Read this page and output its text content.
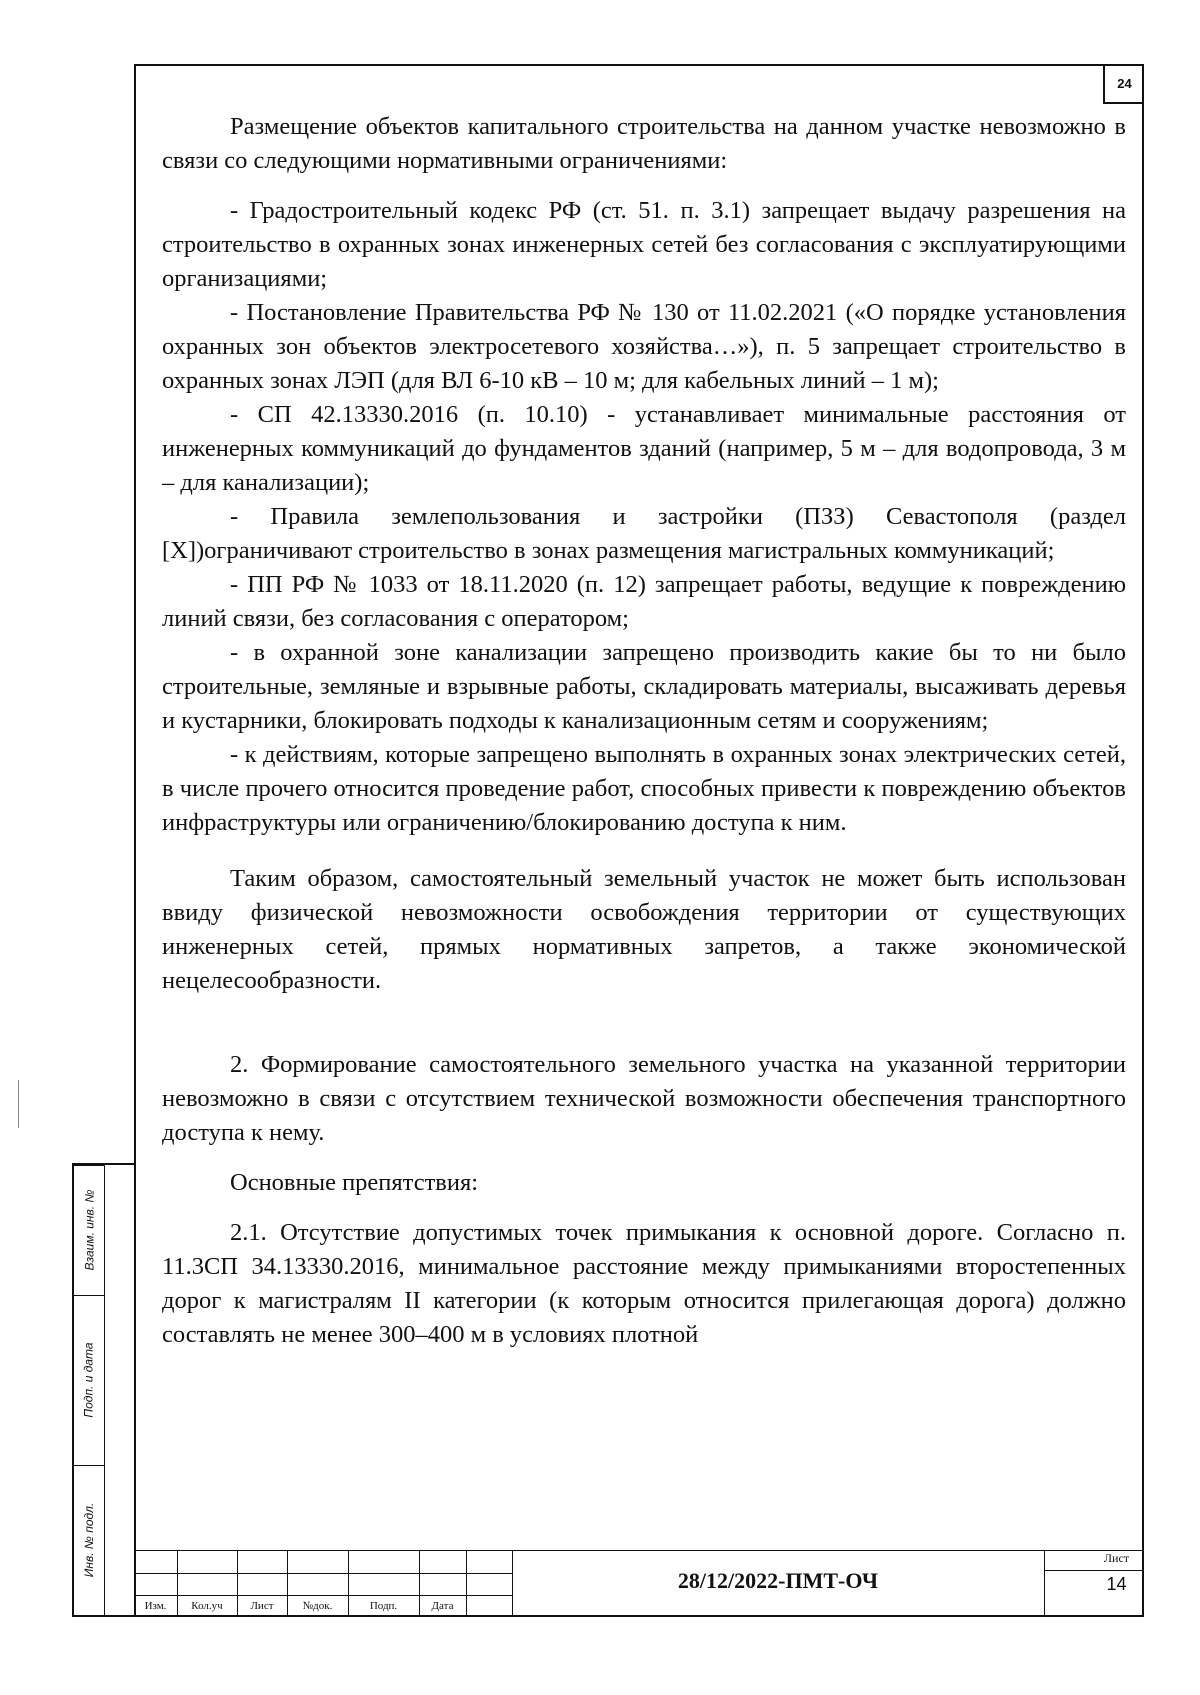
24

Размещение объектов капитального строительства на данном участке невозможно в связи со следующими нормативными ограничениями:

- Градостроительный кодекс РФ (ст. 51. п. 3.1) запрещает выдачу разрешения на строительство в охранных зонах инженерных сетей без согласования с эксплуатирующими организациями;

- Постановление Правительства РФ № 130 от 11.02.2021 («О порядке установления охранных зон объектов электросетевого хозяйства…»), п. 5 запрещает строительство в охранных зонах ЛЭП (для ВЛ 6-10 кВ – 10 м; для кабельных линий – 1 м);

- СП 42.13330.2016 (п. 10.10) - устанавливает минимальные расстояния от инженерных коммуникаций до фундаментов зданий (например, 5 м – для водопровода, 3 м – для канализации);

- Правила землепользования и застройки (ПЗЗ) Севастополя (раздел [X])ограничивают строительство в зонах размещения магистральных коммуникаций;

- ПП РФ № 1033 от 18.11.2020 (п. 12) запрещает работы, ведущие к повреждению линий связи, без согласования с оператором;

- в охранной зоне канализации запрещено производить какие бы то ни было строительные, земляные и взрывные работы, складировать материалы, высаживать деревья и кустарники, блокировать подходы к канализационным сетям и сооружениям;

- к действиям, которые запрещено выполнять в охранных зонах электрических сетей, в числе прочего относится проведение работ, способных привести к повреждению объектов инфраструктуры или ограничению/блокированию доступа к ним.

Таким образом, самостоятельный земельный участок не может быть использован ввиду физической невозможности освобождения территории от существующих инженерных сетей, прямых нормативных запретов, а также экономической нецелесообразности.

2. Формирование самостоятельного земельного участка на указанной территории невозможно в связи с отсутствием технической возможности обеспечения транспортного доступа к нему.

Основные препятствия:

2.1. Отсутствие допустимых точек примыкания к основной дороге. Согласно п. 11.3СП 34.13330.2016, минимальное расстояние между примыканиями второстепенных дорог к магистралям II категории (к которым относится прилегающая дорога) должно составлять не менее 300–400 м в условиях плотной

Взаим. инв. №
Подп. и дата
Инв. № подл.
Изм.	Кол.уч	Лист	№док.	Подп.	Дата
28/12/2022-ПМТ-ОЧ
Лист
14
